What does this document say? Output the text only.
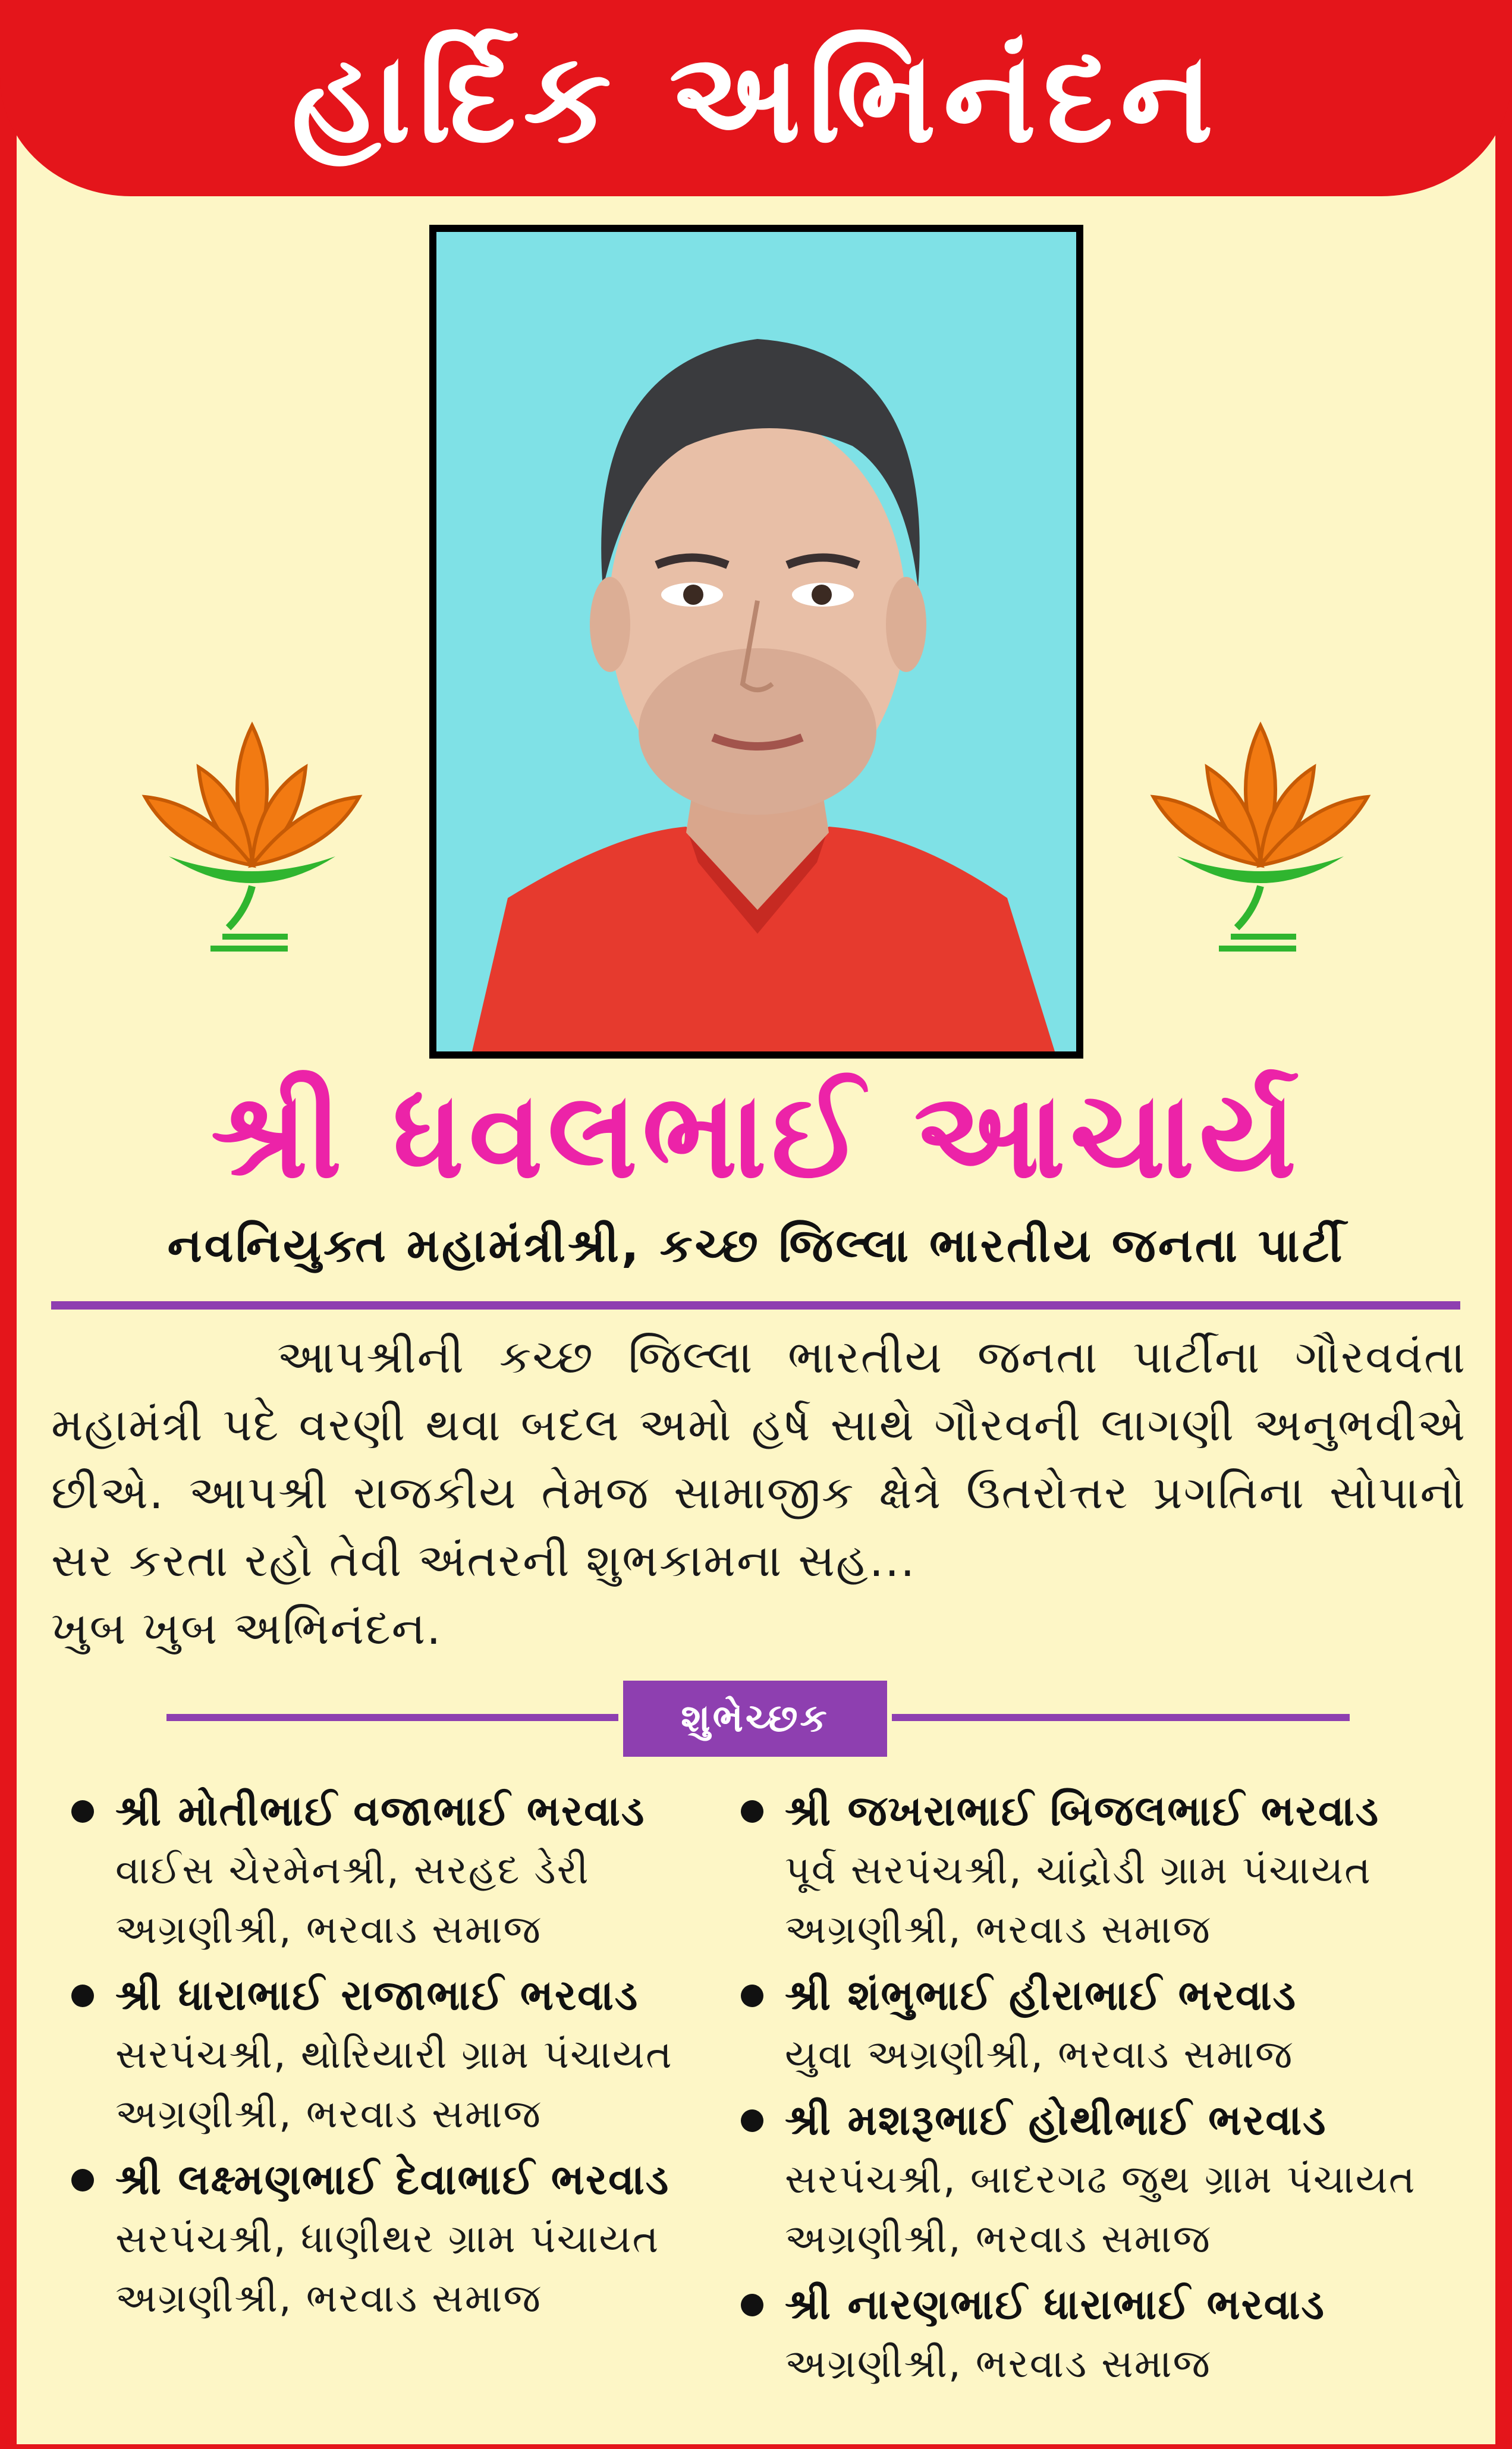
હાર્દિક અભિનંદન
શ્રી ધવલભાઈ આચાર્ય
નવનિયુક્ત મહામંત્રીશ્રી, કચ્છ જિલ્લા ભારતીય જનતા પાર્ટી
આપશ્રીની કચ્છ જિલ્લા ભારતીય જનતા પાર્ટીના ગૌરવવંતા મહામંત્રી પદે વરણી થવા બદલ અમો હર્ષ સાથે ગૌરવની લાગણી અનુભવીએ છીએ. આપશ્રી રાજકીય તેમજ સામાજીક ક્ષેત્રે ઉતરોત્તર પ્રગતિના સોપાનો સર કરતા રહો તેવી અંતરની શુભકામના સહ...
ખુબ ખુબ અભિનંદન.
શુભેચ્છક
શ્રી મોતીભાઈ વજાભાઈ ભરવાડ
વાઈસ ચેરમેનશ્રી, સરહદ ડેરી
અગ્રણીશ્રી, ભરવાડ સમાજ
શ્રી ધારાભાઈ રાજાભાઈ ભરવાડ
સરપંચશ્રી, થોરિયારી ગ્રામ પંચાયત
અગ્રણીશ્રી, ભરવાડ સમાજ
શ્રી લક્ષ્મણભાઈ દેવાભાઈ ભરવાડ
સરપંચશ્રી, ધાણીથર ગ્રામ પંચાયત
અગ્રણીશ્રી, ભરવાડ સમાજ
શ્રી જખરાભાઈ બિજલભાઈ ભરવાડ
પૂર્વ સરપંચશ્રી, ચાંદ્રોડી ગ્રામ પંચાયત
અગ્રણીશ્રી, ભરવાડ સમાજ
શ્રી શંભુભાઈ હીરાભાઈ ભરવાડ
યુવા અગ્રણીશ્રી, ભરવાડ સમાજ
શ્રી મશરૂભાઈ હોથીભાઈ ભરવાડ
સરપંચશ્રી, બાદરગઢ જુથ ગ્રામ પંચાયત
અગ્રણીશ્રી, ભરવાડ સમાજ
શ્રી નારણભાઈ ધારાભાઈ ભરવાડ
અગ્રણીશ્રી, ભરવાડ સમાજ
